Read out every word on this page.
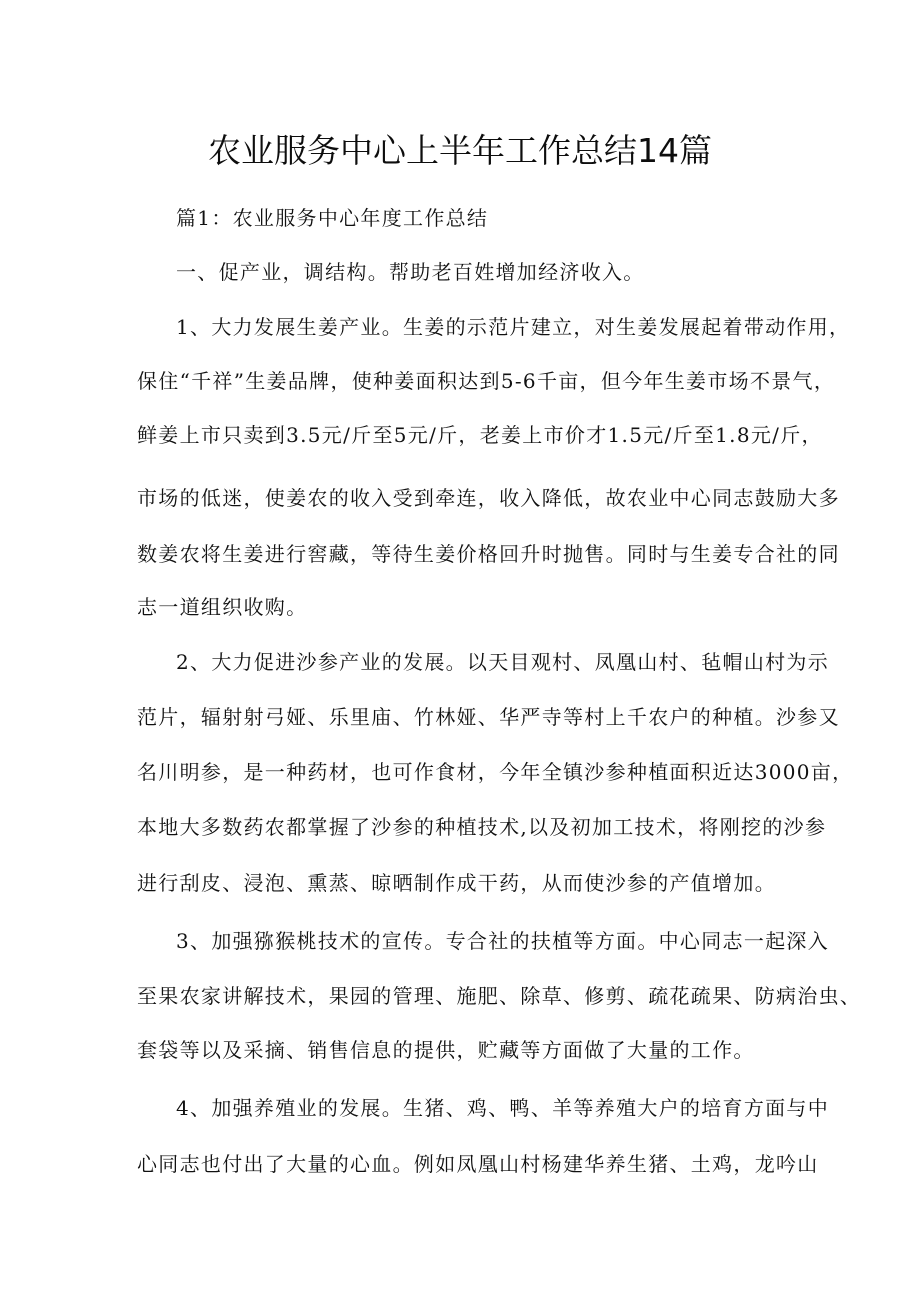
农业服务中心上半年工作总结14篇
篇1：农业服务中心年度工作总结
一、促产业，调结构。帮助老百姓增加经济收入。
1、大力发展生姜产业。生姜的示范片建立，对生姜发展起着带动作用，
保住“千祥”生姜品牌，使种姜面积达到5-6千亩，但今年生姜市场不景气，
鲜姜上市只卖到3.5元/斤至5元/斤，老姜上市价才1.5元/斤至1.8元/斤，
市场的低迷，使姜农的收入受到牵连，收入降低，故农业中心同志鼓励大多
数姜农将生姜进行窖藏，等待生姜价格回升时抛售。同时与生姜专合社的同
志一道组织收购。
2、大力促进沙参产业的发展。以天目观村、凤凰山村、毡帽山村为示
范片，辐射射弓娅、乐里庙、竹林娅、华严寺等村上千农户的种植。沙参又
名川明参，是一种药材，也可作食材，今年全镇沙参种植面积近达3000亩，
本地大多数药农都掌握了沙参的种植技术,以及初加工技术，将刚挖的沙参
进行刮皮、浸泡、熏蒸、晾晒制作成干药，从而使沙参的产值增加。
3、加强猕猴桃技术的宣传。专合社的扶植等方面。中心同志一起深入
至果农家讲解技术，果园的管理、施肥、除草、修剪、疏花疏果、防病治虫、
套袋等以及采摘、销售信息的提供，贮藏等方面做了大量的工作。
4、加强养殖业的发展。生猪、鸡、鸭、羊等养殖大户的培育方面与中
心同志也付出了大量的心血。例如凤凰山村杨建华养生猪、土鸡，龙吟山
